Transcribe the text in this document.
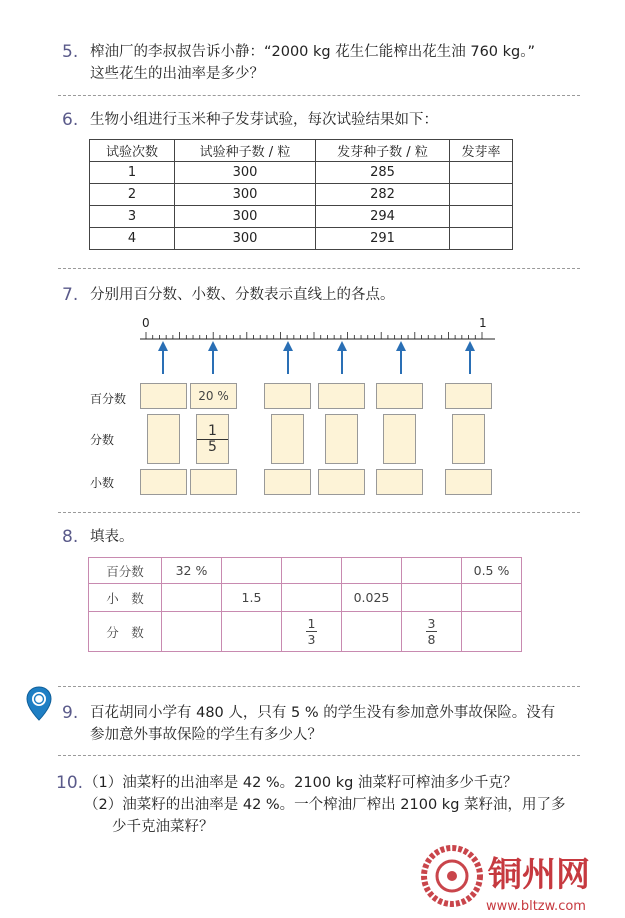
5. 榨油厂的李叔叔告诉小静：“2000 kg 花生仁能榨出花生油 760 kg。”
这些花生的出油率是多少？
6. 生物小组进行玉米种子发芽试验，每次试验结果如下：
试验次数	试验种子数 / 粒	发芽种子数 / 粒	发芽率
1	300	285	
2	300	282	
3	300	294	
4	300	291	
7. 分别用百分数、小数、分数表示直线上的各点。
0	1
百分数
分数
小数
20 %
$\frac{1}{5}$
8. 填表。
百分数	32 %					0.5 %
小　数		1.5		0.025		
分　数			$\frac{1}{3}$		$\frac{3}{8}$

9. 百花胡同小学有 480 人，只有 5 % 的学生没有参加意外事故保险。没有
参加意外事故保险的学生有多少人？
10. （1）油菜籽的出油率是 42 %。2100 kg 油菜籽可榨油多少千克？
（2）油菜籽的出油率是 42 %。一个榨油厂榨出 2100 kg 菜籽油，用了多
少千克油菜籽？
铜州网
www.bltzw.com
